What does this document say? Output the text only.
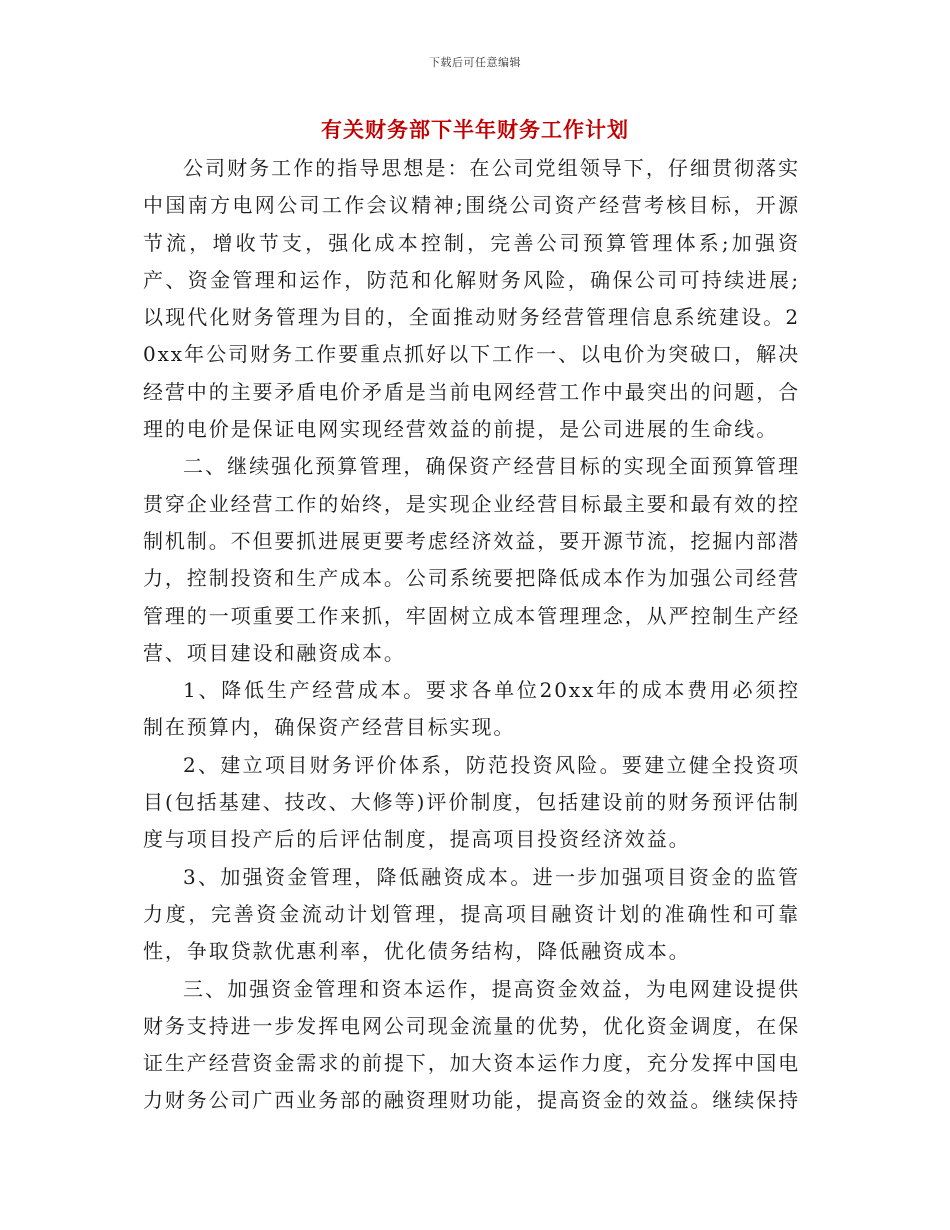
下载后可任意编辑
有关财务部下半年财务工作计划

公司财务工作的指导思想是：在公司党组领导下，仔细贯彻落实中国南方电网公司工作会议精神;围绕公司资产经营考核目标，开源节流，增收节支，强化成本控制，完善公司预算管理体系;加强资产、资金管理和运作，防范和化解财务风险，确保公司可持续进展;以现代化财务管理为目的，全面推动财务经营管理信息系统建设。20xx年公司财务工作要重点抓好以下工作一、以电价为突破口，解决经营中的主要矛盾电价矛盾是当前电网经营工作中最突出的问题，合理的电价是保证电网实现经营效益的前提，是公司进展的生命线。

二、继续强化预算管理，确保资产经营目标的实现全面预算管理贯穿企业经营工作的始终，是实现企业经营目标最主要和最有效的控制机制。不但要抓进展更要考虑经济效益，要开源节流，挖掘内部潜力，控制投资和生产成本。公司系统要把降低成本作为加强公司经营管理的一项重要工作来抓，牢固树立成本管理理念，从严控制生产经营、项目建设和融资成本。

1、降低生产经营成本。要求各单位20xx年的成本费用必须控制在预算内，确保资产经营目标实现。

2、建立项目财务评价体系，防范投资风险。要建立健全投资项目(包括基建、技改、大修等)评价制度，包括建设前的财务预评估制度与项目投产后的后评估制度，提高项目投资经济效益。

3、加强资金管理，降低融资成本。进一步加强项目资金的监管力度，完善资金流动计划管理，提高项目融资计划的准确性和可靠性，争取贷款优惠利率，优化债务结构，降低融资成本。

三、加强资金管理和资本运作，提高资金效益，为电网建设提供财务支持进一步发挥电网公司现金流量的优势，优化资金调度，在保证生产经营资金需求的前提下，加大资本运作力度，充分发挥中国电力财务公司广西业务部的融资理财功能，提高资金的效益。继续保持
